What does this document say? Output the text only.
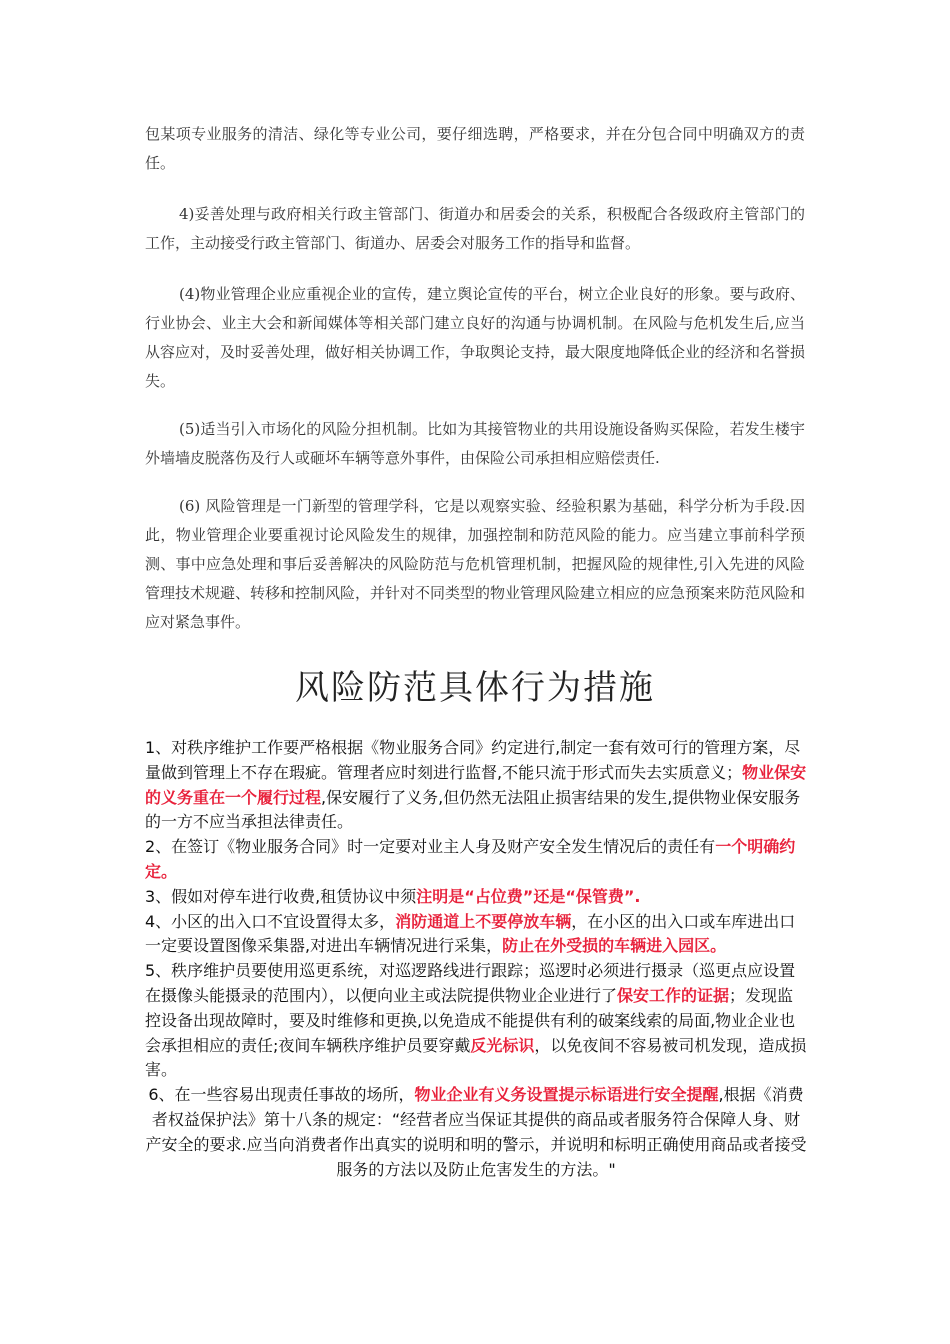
包某项专业服务的清洁、绿化等专业公司，要仔细选聘，严格要求，并在分包合同中明确双方的责任。

4)妥善处理与政府相关行政主管部门、街道办和居委会的关系，积极配合各级政府主管部门的工作，主动接受行政主管部门、街道办、居委会对服务工作的指导和监督。

(4)物业管理企业应重视企业的宣传，建立舆论宣传的平台，树立企业良好的形象。要与政府、行业协会、业主大会和新闻媒体等相关部门建立良好的沟通与协调机制。在风险与危机发生后,应当从容应对，及时妥善处理，做好相关协调工作，争取舆论支持，最大限度地降低企业的经济和名誉损失。

(5)适当引入市场化的风险分担机制。比如为其接管物业的共用设施设备购买保险，若发生楼宇外墙墙皮脱落伤及行人或砸坏车辆等意外事件，由保险公司承担相应赔偿责任.

(6) 风险管理是一门新型的管理学科，它是以观察实验、经验积累为基础，科学分析为手段.因此，物业管理企业要重视讨论风险发生的规律，加强控制和防范风险的能力。应当建立事前科学预测、事中应急处理和事后妥善解决的风险防范与危机管理机制，把握风险的规律性,引入先进的风险管理技术规避、转移和控制风险，并针对不同类型的物业管理风险建立相应的应急预案来防范风险和应对紧急事件。

风险防范具体行为措施

1、对秩序维护工作要严格根据《物业服务合同》约定进行,制定一套有效可行的管理方案，尽量做到管理上不存在瑕疵。管理者应时刻进行监督,不能只流于形式而失去实质意义；物业保安的义务重在一个履行过程,保安履行了义务,但仍然无法阻止损害结果的发生,提供物业保安服务的一方不应当承担法律责任。

2、在签订《物业服务合同》时一定要对业主人身及财产安全发生情况后的责任有一个明确约定。

3、假如对停车进行收费,租赁协议中须注明是“占位费”还是“保管费”.

4、小区的出入口不宜设置得太多，消防通道上不要停放车辆，在小区的出入口或车库进出口一定要设置图像采集器,对进出车辆情况进行采集，防止在外受损的车辆进入园区。

5、秩序维护员要使用巡更系统，对巡逻路线进行跟踪；巡逻时必须进行摄录（巡更点应设置在摄像头能摄录的范围内），以便向业主或法院提供物业企业进行了保安工作的证据；发现监控设备出现故障时，要及时维修和更换,以免造成不能提供有利的破案线索的局面,物业企业也会承担相应的责任;夜间车辆秩序维护员要穿戴反光标识，以免夜间不容易被司机发现，造成损害。

6、在一些容易出现责任事故的场所，物业企业有义务设置提示标语进行安全提醒,根据《消费者权益保护法》第十八条的规定：“经营者应当保证其提供的商品或者服务符合保障人身、财产安全的要求.应当向消费者作出真实的说明和明的警示，并说明和标明正确使用商品或者接受服务的方法以及防止危害发生的方法。"
